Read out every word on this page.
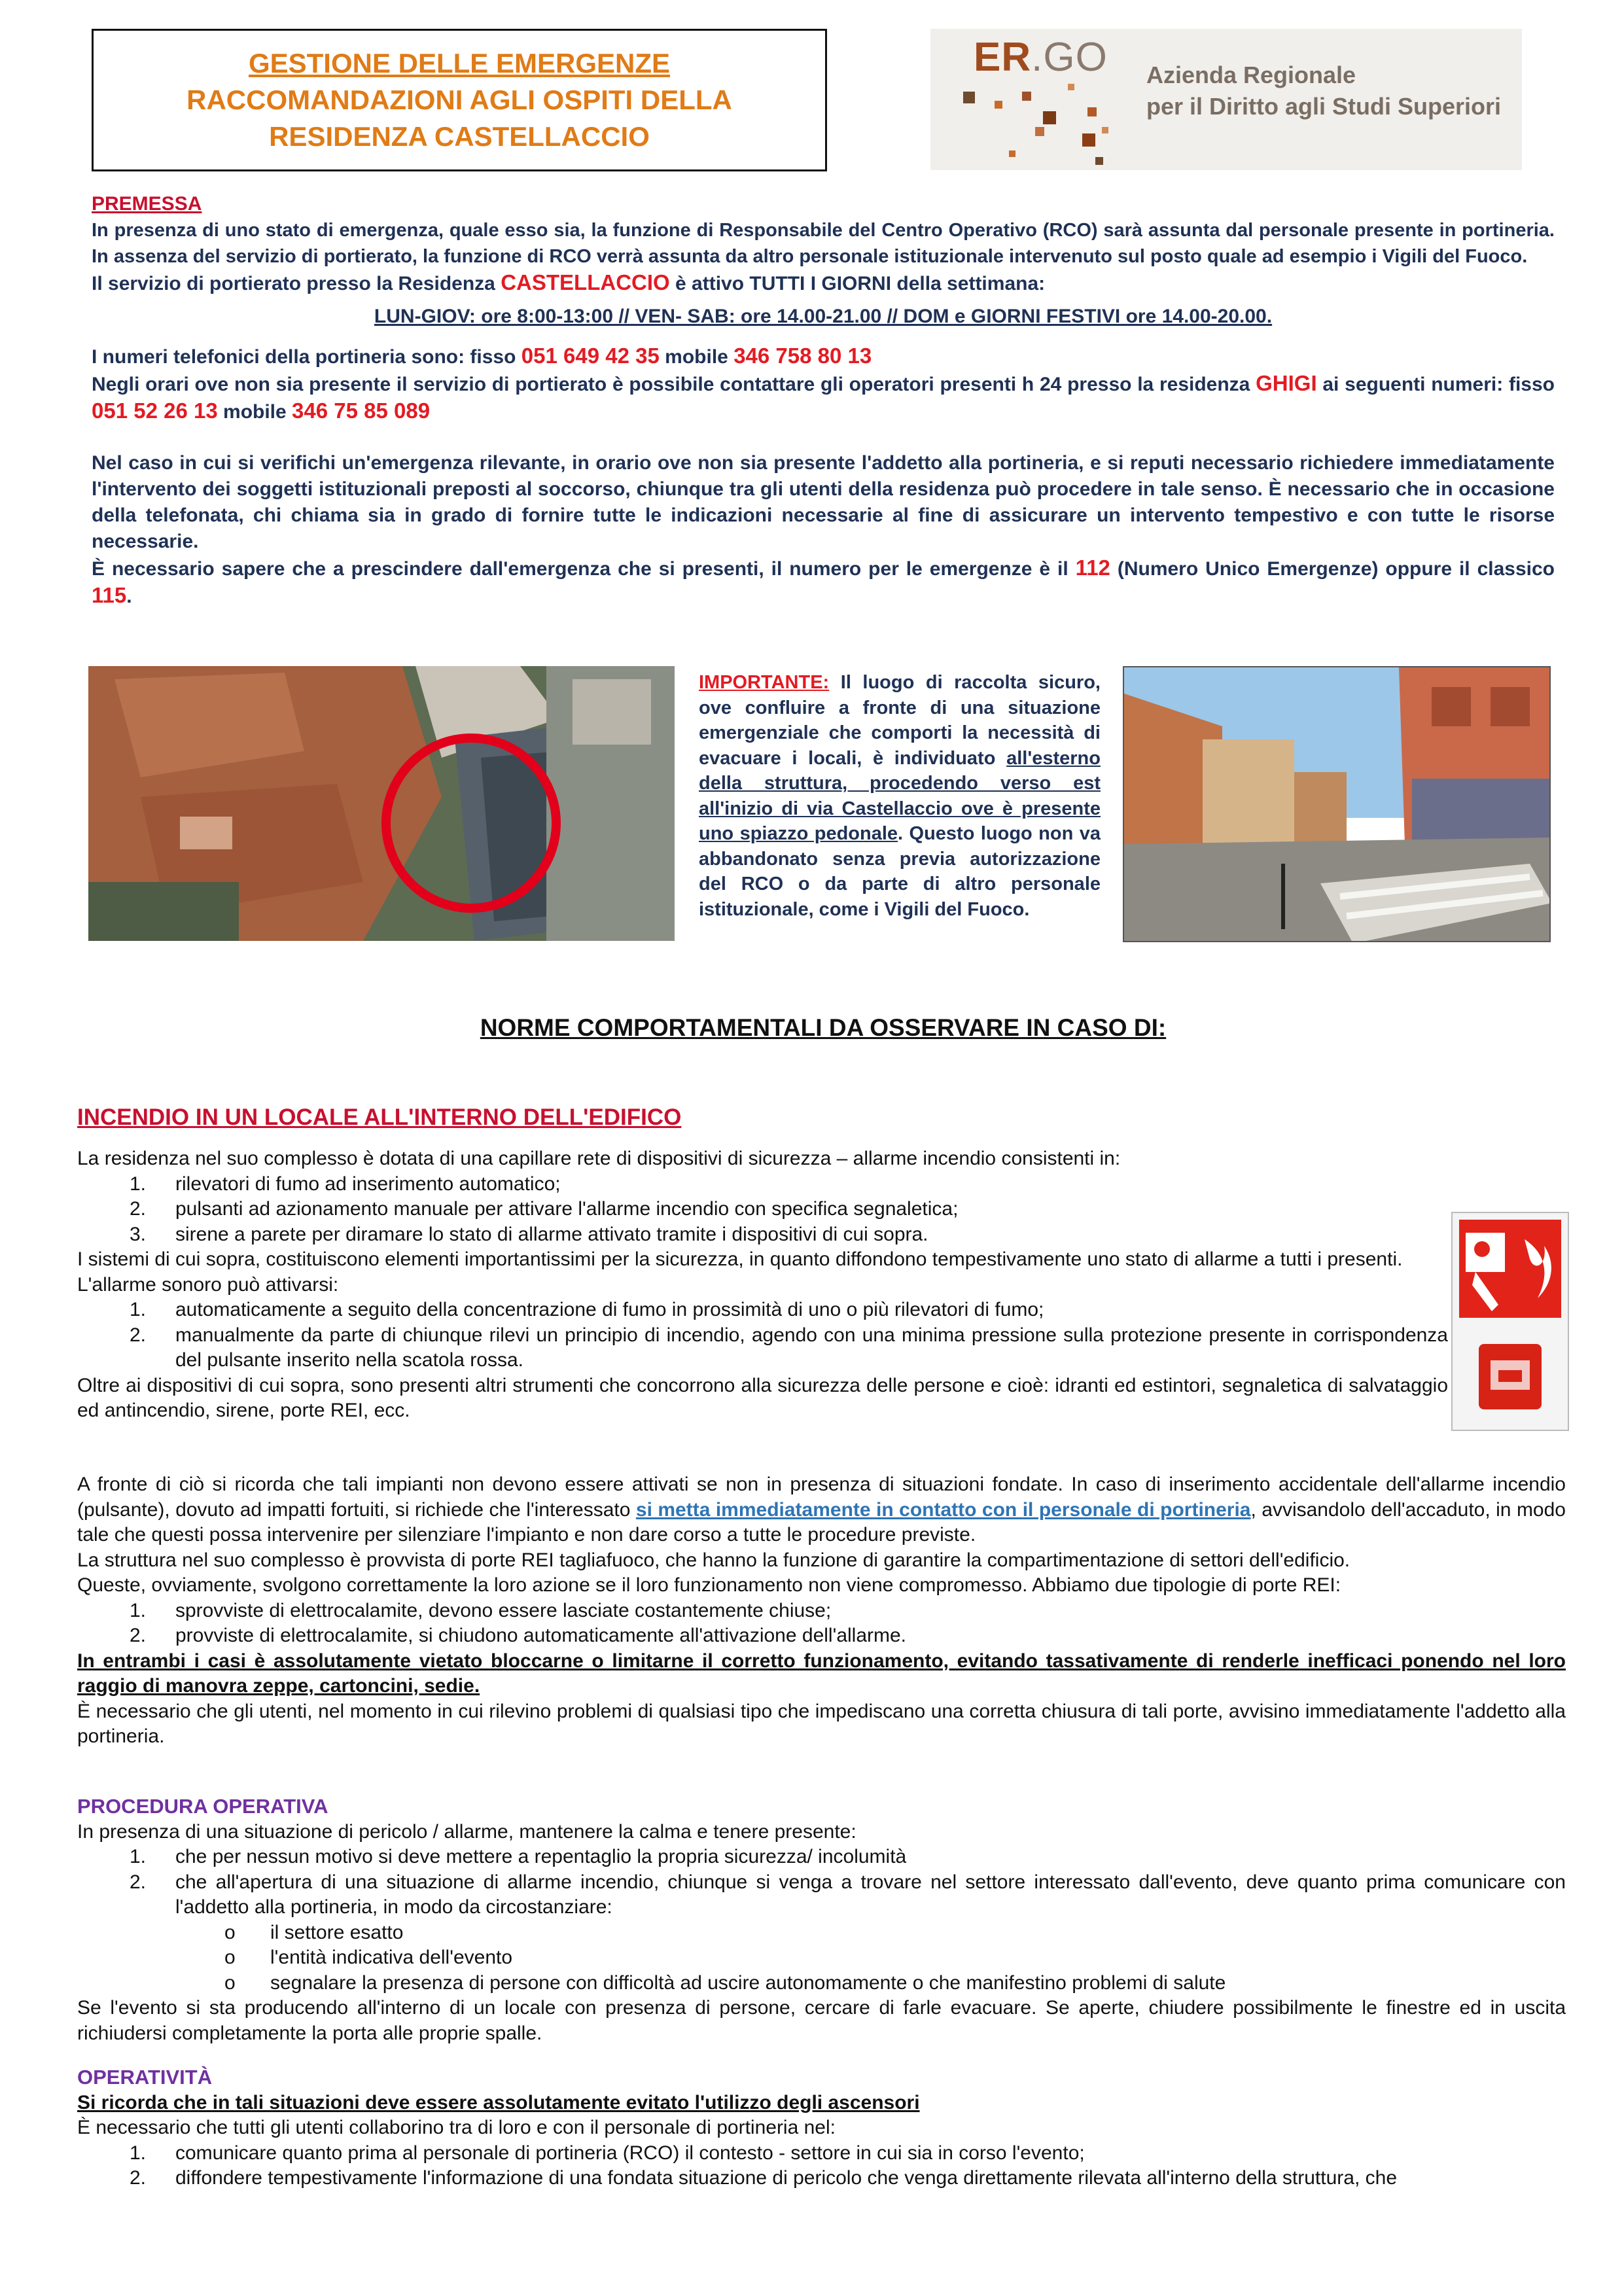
GESTIONE DELLE EMERGENZE
RACCOMANDAZIONI AGLI OSPITI DELLA
RESIDENZA CASTELLACCIO
ER.GO Azienda Regionale
per il Diritto agli Studi Superiori
PREMESSA
In presenza di uno stato di emergenza, quale esso sia, la funzione di Responsabile del Centro Operativo (RCO) sarà assunta dal personale presente in portineria. In assenza del servizio di portierato, la funzione di RCO verrà assunta da altro personale istituzionale intervenuto sul posto quale ad esempio i Vigili del Fuoco.
Il servizio di portierato presso la Residenza CASTELLACCIO è attivo TUTTI I GIORNI della settimana:
LUN-GIOV: ore 8:00-13:00 // VEN- SAB: ore 14.00-21.00 // DOM e GIORNI FESTIVI ore 14.00-20.00.
I numeri telefonici della portineria sono: fisso 051 649 42 35 mobile 346 758 80 13
Negli orari ove non sia presente il servizio di portierato è possibile contattare gli operatori presenti h 24 presso la residenza GHIGI ai seguenti numeri: fisso 051 52 26 13 mobile 346 75 85 089
Nel caso in cui si verifichi un'emergenza rilevante, in orario ove non sia presente l'addetto alla portineria, e si reputi necessario richiedere immediatamente l'intervento dei soggetti istituzionali preposti al soccorso, chiunque tra gli utenti della residenza può procedere in tale senso. È necessario che in occasione della telefonata, chi chiama sia in grado di fornire tutte le indicazioni necessarie al fine di assicurare un intervento tempestivo e con tutte le risorse necessarie.
È necessario sapere che a prescindere dall'emergenza che si presenti, il numero per le emergenze è il 112 (Numero Unico Emergenze) oppure il classico 115.
IMPORTANTE: Il luogo di raccolta sicuro, ove confluire a fronte di una situazione emergenziale che comporti la necessità di evacuare i locali, è individuato all'esterno della struttura, procedendo verso est all'inizio di via Castellaccio ove è presente uno spiazzo pedonale. Questo luogo non va abbandonato senza previa autorizzazione del RCO o da parte di altro personale istituzionale, come i Vigili del Fuoco.
NORME COMPORTAMENTALI DA OSSERVARE IN CASO DI:
INCENDIO IN UN LOCALE ALL'INTERNO DELL'EDIFICO
La residenza nel suo complesso è dotata di una capillare rete di dispositivi di sicurezza – allarme incendio consistenti in:
1. rilevatori di fumo ad inserimento automatico;
2. pulsanti ad azionamento manuale per attivare l'allarme incendio con specifica segnaletica;
3. sirene a parete per diramare lo stato di allarme attivato tramite i dispositivi di cui sopra.
I sistemi di cui sopra, costituiscono elementi importantissimi per la sicurezza, in quanto diffondono tempestivamente uno stato di allarme a tutti i presenti.
L'allarme sonoro può attivarsi:
1. automaticamente a seguito della concentrazione di fumo in prossimità di uno o più rilevatori di fumo;
2. manualmente da parte di chiunque rilevi un principio di incendio, agendo con una minima pressione sulla protezione presente in corrispondenza del pulsante inserito nella scatola rossa.
Oltre ai dispositivi di cui sopra, sono presenti altri strumenti che concorrono alla sicurezza delle persone e cioè: idranti ed estintori, segnaletica di salvataggio ed antincendio, sirene, porte REI, ecc.
A fronte di ciò si ricorda che tali impianti non devono essere attivati se non in presenza di situazioni fondate. In caso di inserimento accidentale dell'allarme incendio (pulsante), dovuto ad impatti fortuiti, si richiede che l'interessato si metta immediatamente in contatto con il personale di portineria, avvisandolo dell'accaduto, in modo tale che questi possa intervenire per silenziare l'impianto e non dare corso a tutte le procedure previste.
La struttura nel suo complesso è provvista di porte REI tagliafuoco, che hanno la funzione di garantire la compartimentazione di settori dell'edificio.
Queste, ovviamente, svolgono correttamente la loro azione se il loro funzionamento non viene compromesso. Abbiamo due tipologie di porte REI:
1. sprovviste di elettrocalamite, devono essere lasciate costantemente chiuse;
2. provviste di elettrocalamite, si chiudono automaticamente all'attivazione dell'allarme.
In entrambi i casi è assolutamente vietato bloccarne o limitarne il corretto funzionamento, evitando tassativamente di renderle inefficaci ponendo nel loro raggio di manovra zeppe, cartoncini, sedie.
È necessario che gli utenti, nel momento in cui rilevino problemi di qualsiasi tipo che impediscano una corretta chiusura di tali porte, avvisino immediatamente l'addetto alla portineria.
PROCEDURA OPERATIVA
In presenza di una situazione di pericolo / allarme, mantenere la calma e tenere presente:
1. che per nessun motivo si deve mettere a repentaglio la propria sicurezza/ incolumità
2. che all'apertura di una situazione di allarme incendio, chiunque si venga a trovare nel settore interessato dall'evento, deve quanto prima comunicare con l'addetto alla portineria, in modo da circostanziare:
o il settore esatto
o l'entità indicativa dell'evento
o segnalare la presenza di persone con difficoltà ad uscire autonomamente o che manifestino problemi di salute
Se l'evento si sta producendo all'interno di un locale con presenza di persone, cercare di farle evacuare. Se aperte, chiudere possibilmente le finestre ed in uscita richiudersi completamente la porta alle proprie spalle.
OPERATIVITÀ
Si ricorda che in tali situazioni deve essere assolutamente evitato l'utilizzo degli ascensori
È necessario che tutti gli utenti collaborino tra di loro e con il personale di portineria nel:
1. comunicare quanto prima al personale di portineria (RCO) il contesto - settore in cui sia in corso l'evento;
2. diffondere tempestivamente l'informazione di una fondata situazione di pericolo che venga direttamente rilevata all'interno della struttura, che
